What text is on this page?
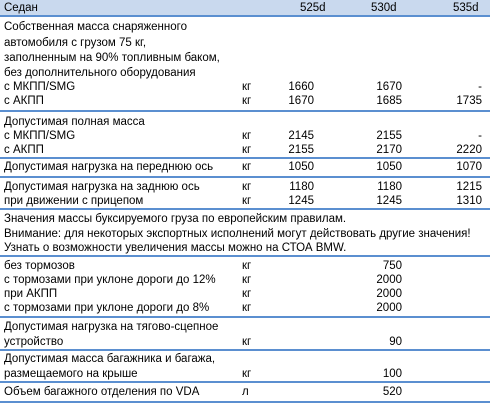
Седан	525d	530d	535d
Собственная масса снаряженного
автомобиля с грузом 75 кг,
заполненным на 90% топливным баком,
без дополнительного оборудования
с МКПП/SMG	кг	1660	1670	-
с АКПП	кг	1670	1685	1735
Допустимая полная масса
с МКПП/SMG	кг	2145	2155	-
с АКПП	кг	2155	2170	2220
Допустимая нагрузка на переднюю ось	кг	1050	1050	1070
Допустимая нагрузка на заднюю ось	кг	1180	1180	1215
при движении с прицепом	кг	1245	1245	1310
Значения массы буксируемого груза по европейским правилам.
Внимание: для некоторых экспортных исполнений могут действовать другие значения!
Узнать о возможности увеличения массы можно на СТОА BMW.
без тормозов	кг	750
с тормозами при уклоне дороги до 12% кг	2000
при АКПП	кг	2000
с тормозами при уклоне дороги до 8%	кг	2000
Допустимая нагрузка на тягово-сцепное
устройство	кг	90
Допустимая масса багажника и багажа,
размещаемого на крыше	кг	100
Объем багажного отделения по VDA	л	520
